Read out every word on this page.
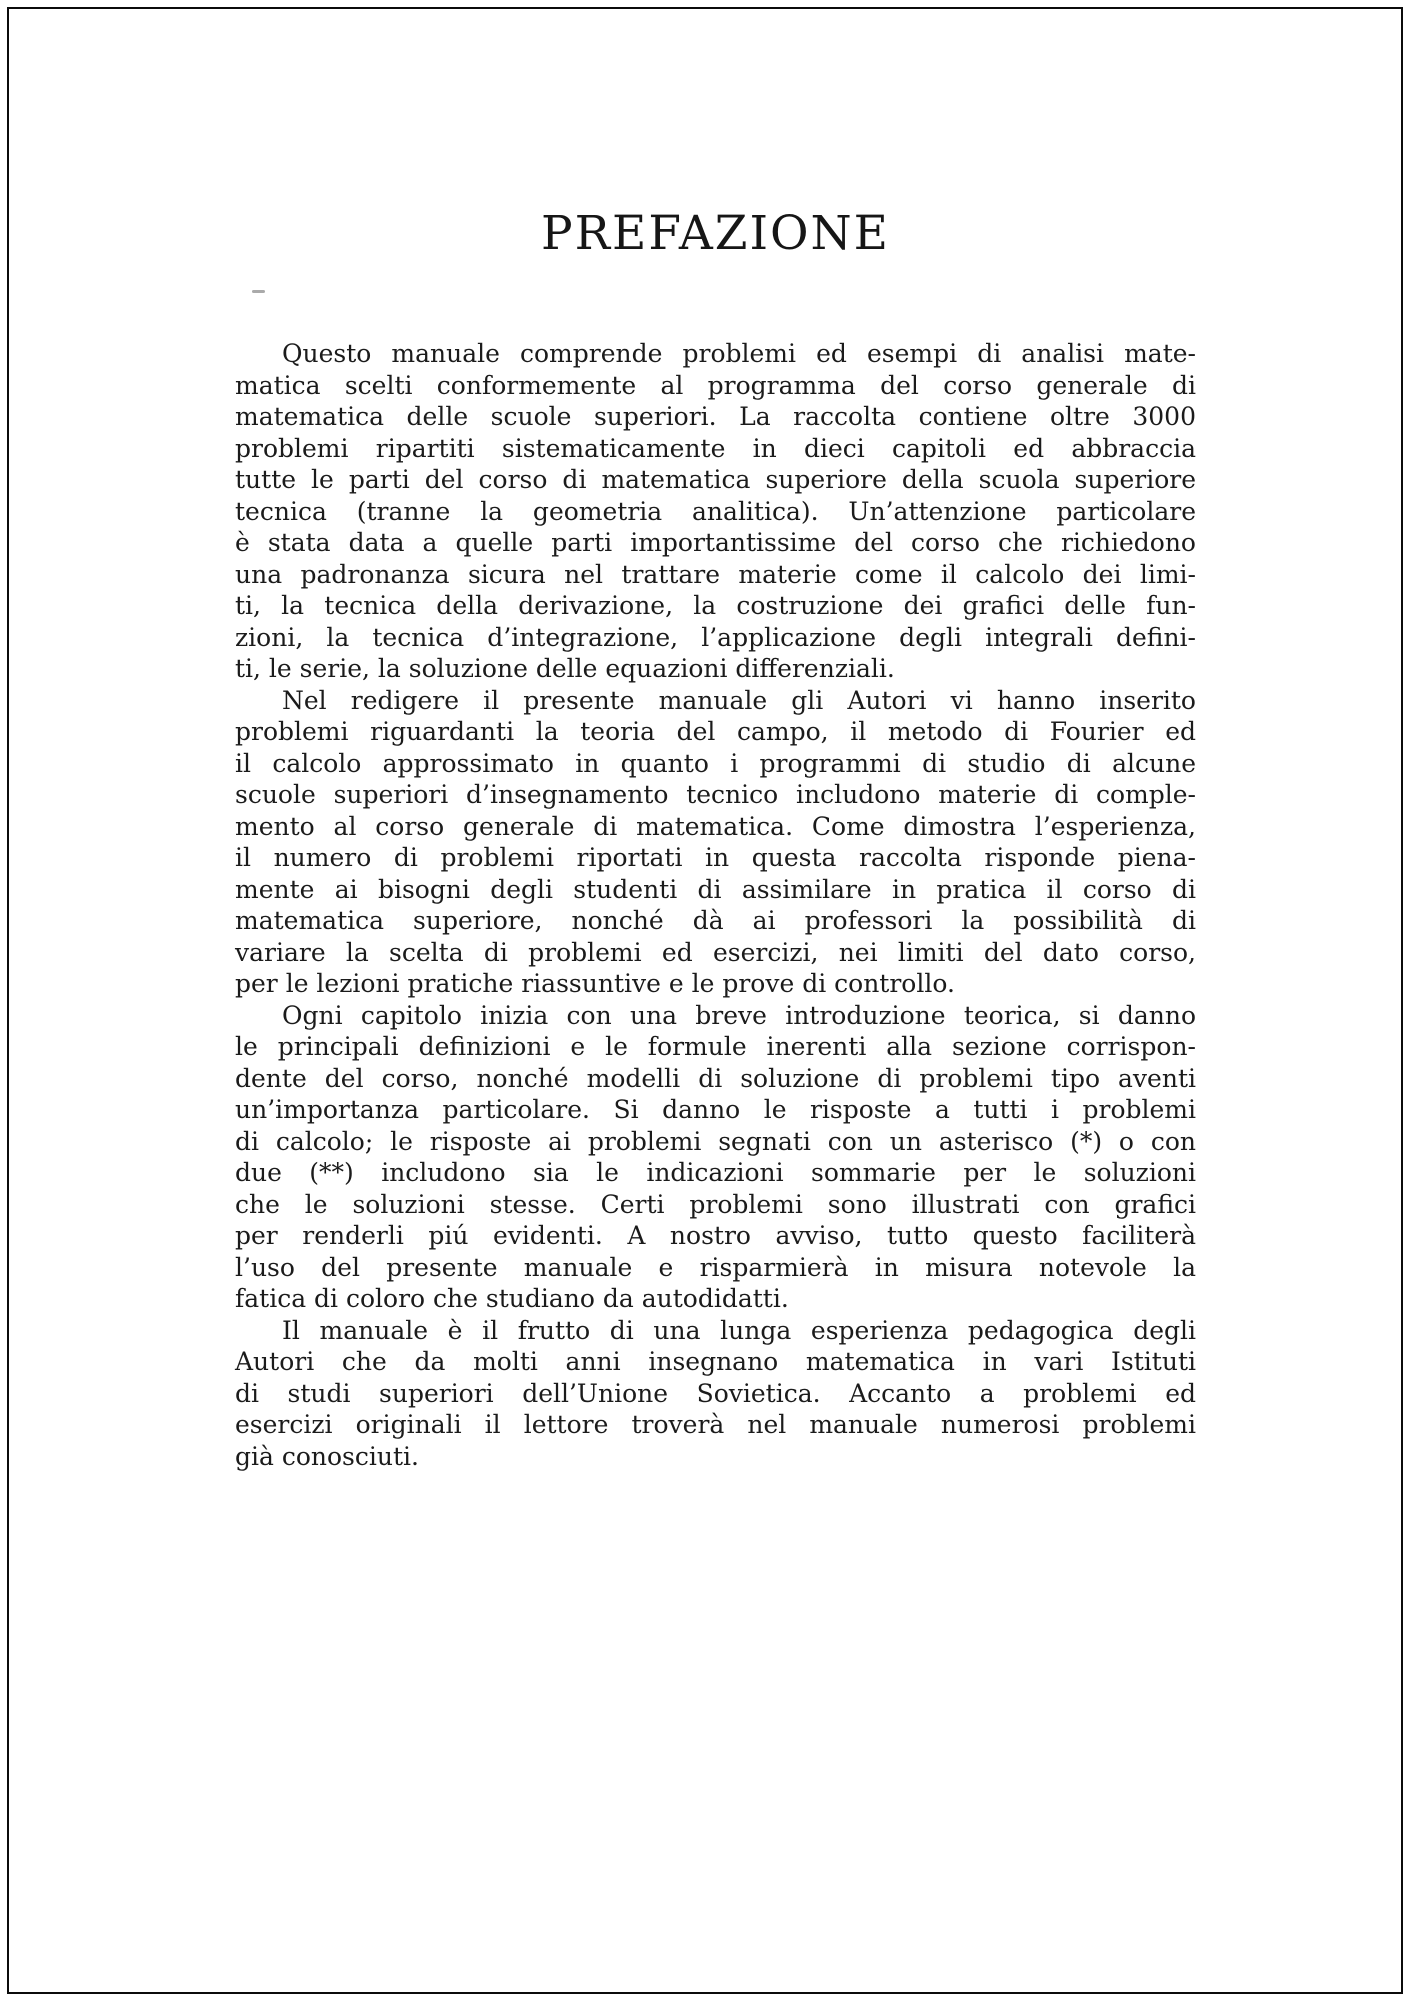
PREFAZIONE
Questo manuale comprende problemi ed esempi di analisi mate-
matica scelti conformemente al programma del corso generale di
matematica delle scuole superiori. La raccolta contiene oltre 3000
problemi ripartiti sistematicamente in dieci capitoli ed abbraccia
tutte le parti del corso di matematica superiore della scuola superiore
tecnica (tranne la geometria analitica). Un’attenzione particolare
è stata data a quelle parti importantissime del corso che richiedono
una padronanza sicura nel trattare materie come il calcolo dei limi-
ti, la tecnica della derivazione, la costruzione dei grafici delle fun-
zioni, la tecnica d’integrazione, l’applicazione degli integrali defini-
ti, le serie, la soluzione delle equazioni differenziali.
Nel redigere il presente manuale gli Autori vi hanno inserito
problemi riguardanti la teoria del campo, il metodo di Fourier ed
il calcolo approssimato in quanto i programmi di studio di alcune
scuole superiori d’insegnamento tecnico includono materie di comple-
mento al corso generale di matematica. Come dimostra l’esperienza,
il numero di problemi riportati in questa raccolta risponde piena-
mente ai bisogni degli studenti di assimilare in pratica il corso di
matematica superiore, nonché dà ai professori la possibilità di
variare la scelta di problemi ed esercizi, nei limiti del dato corso,
per le lezioni pratiche riassuntive e le prove di controllo.
Ogni capitolo inizia con una breve introduzione teorica, si danno
le principali definizioni e le formule inerenti alla sezione corrispon-
dente del corso, nonché modelli di soluzione di problemi tipo aventi
un’importanza particolare. Si danno le risposte a tutti i problemi
di calcolo; le risposte ai problemi segnati con un asterisco (*) o con
due (**) includono sia le indicazioni sommarie per le soluzioni
che le soluzioni stesse. Certi problemi sono illustrati con grafici
per renderli piú evidenti. A nostro avviso, tutto questo faciliterà
l’uso del presente manuale e risparmierà in misura notevole la
fatica di coloro che studiano da autodidatti.
Il manuale è il frutto di una lunga esperienza pedagogica degli
Autori che da molti anni insegnano matematica in vari Istituti
di studi superiori dell’Unione Sovietica. Accanto a problemi ed
esercizi originali il lettore troverà nel manuale numerosi problemi
già conosciuti.
